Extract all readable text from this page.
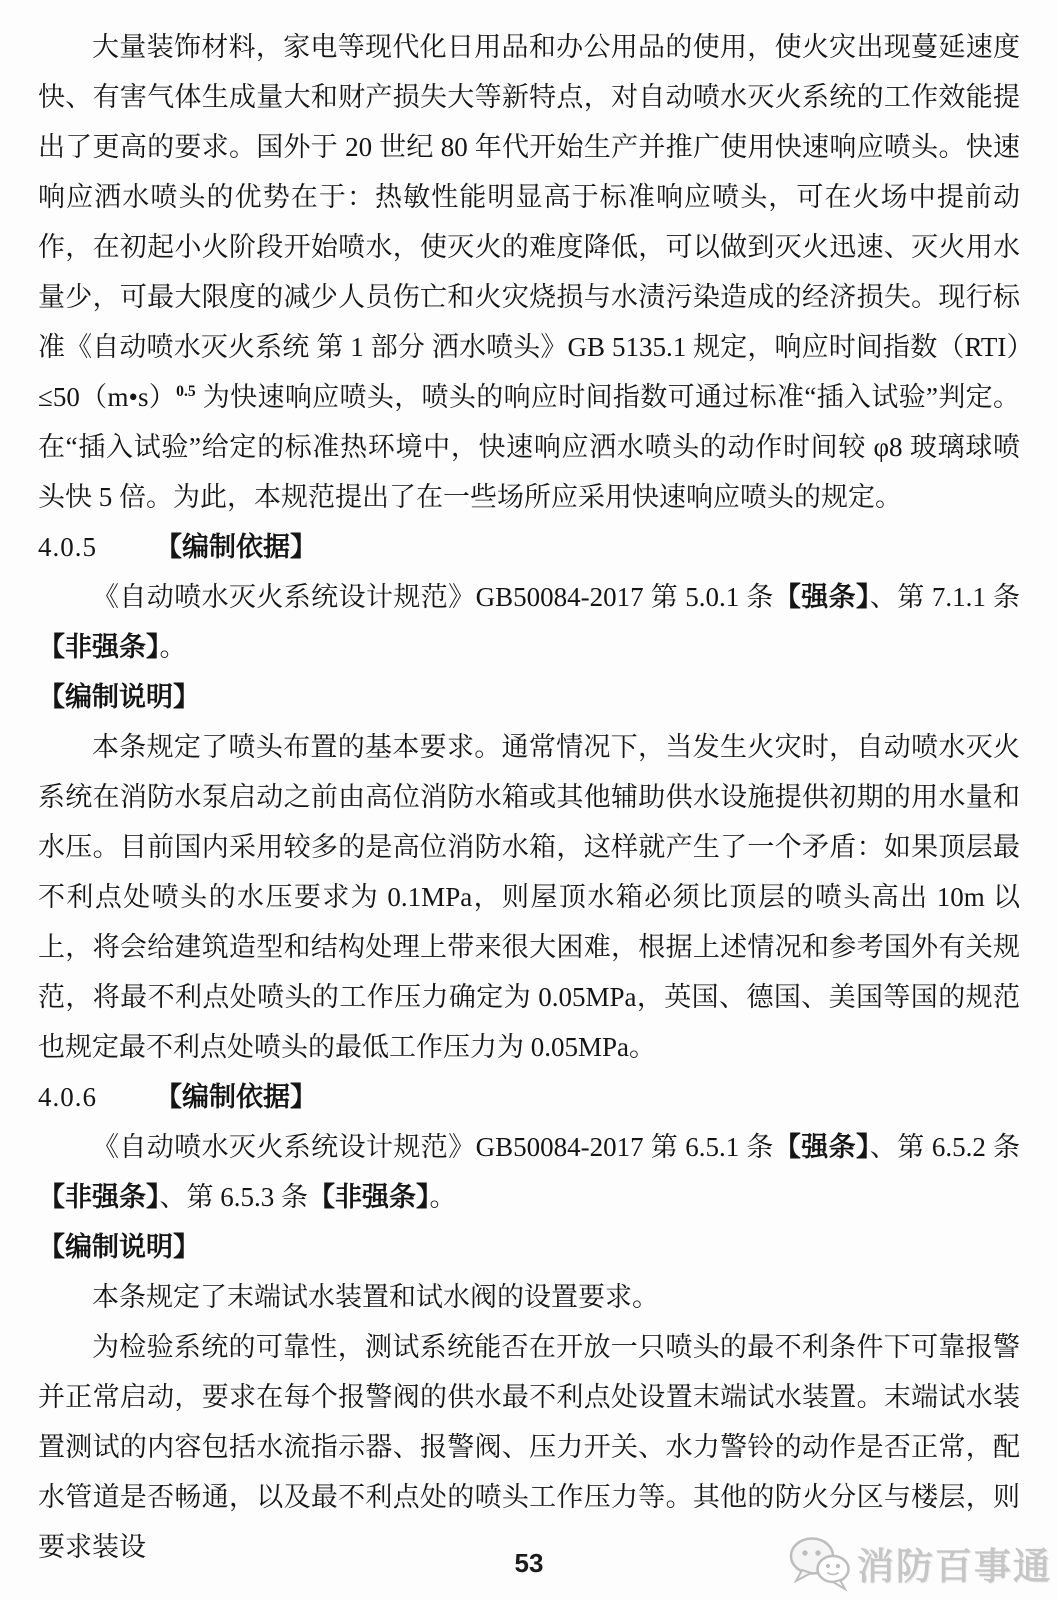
大量装饰材料，家电等现代化日用品和办公用品的使用，使火灾出现蔓延速度快、有害气体生成量大和财产损失大等新特点，对自动喷水灭火系统的工作效能提出了更高的要求。国外于 20 世纪 80 年代开始生产并推广使用快速响应喷头。快速响应洒水喷头的优势在于：热敏性能明显高于标准响应喷头，可在火场中提前动作，在初起小火阶段开始喷水，使灭火的难度降低，可以做到灭火迅速、灭火用水量少，可最大限度的减少人员伤亡和火灾烧损与水渍污染造成的经济损失。现行标准《自动喷水灭火系统 第 1 部分 洒水喷头》GB 5135.1 规定，响应时间指数（RTI）≤50（m•s）$^{0.5}$ 为快速响应喷头，喷头的响应时间指数可通过标准“插入试验”判定。在“插入试验”给定的标准热环境中，快速响应洒水喷头的动作时间较 φ8 玻璃球喷头快 5 倍。为此，本规范提出了在一些场所应采用快速响应喷头的规定。

4.0.5 【编制依据】

《自动喷水灭火系统设计规范》GB50084-2017 第 5.0.1 条【强条】、第 7.1.1 条【非强条】。

【编制说明】

本条规定了喷头布置的基本要求。通常情况下，当发生火灾时，自动喷水灭火系统在消防水泵启动之前由高位消防水箱或其他辅助供水设施提供初期的用水量和水压。目前国内采用较多的是高位消防水箱，这样就产生了一个矛盾：如果顶层最不利点处喷头的水压要求为 0.1MPa，则屋顶水箱必须比顶层的喷头高出 10m 以上，将会给建筑造型和结构处理上带来很大困难，根据上述情况和参考国外有关规范，将最不利点处喷头的工作压力确定为 0.05MPa，英国、德国、美国等国的规范也规定最不利点处喷头的最低工作压力为 0.05MPa。

4.0.6 【编制依据】

《自动喷水灭火系统设计规范》GB50084-2017 第 6.5.1 条【强条】、第 6.5.2 条【非强条】、第 6.5.3 条【非强条】。

【编制说明】

本条规定了末端试水装置和试水阀的设置要求。

为检验系统的可靠性，测试系统能否在开放一只喷头的最不利条件下可靠报警并正常启动，要求在每个报警阀的供水最不利点处设置末端试水装置。末端试水装置测试的内容包括水流指示器、报警阀、压力开关、水力警铃的动作是否正常，配水管道是否畅通，以及最不利点处的喷头工作压力等。其他的防火分区与楼层，则要求装设	消防百事通
53
